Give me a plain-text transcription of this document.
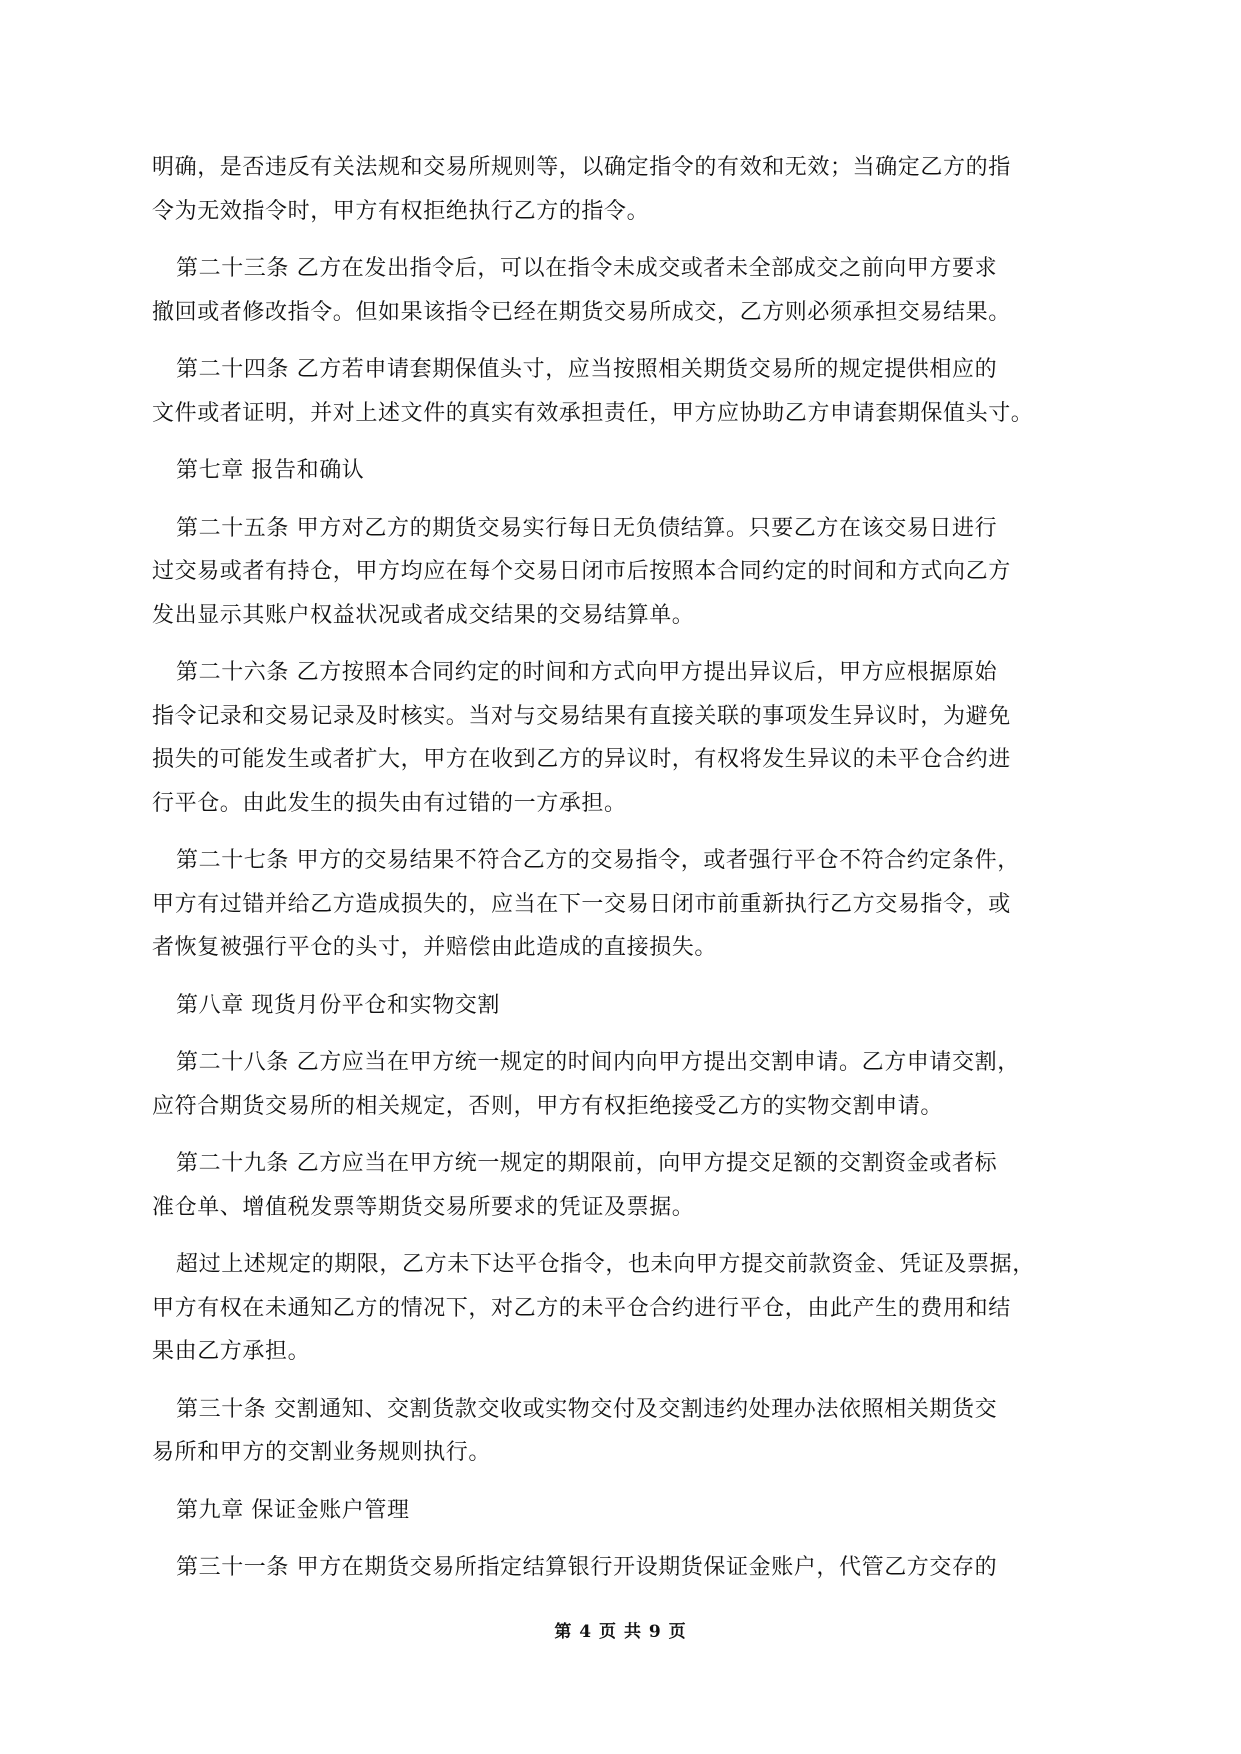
明确，是否违反有关法规和交易所规则等，以确定指令的有效和无效；当确定乙方的指
令为无效指令时，甲方有权拒绝执行乙方的指令。
第二十三条 乙方在发出指令后，可以在指令未成交或者未全部成交之前向甲方要求
撤回或者修改指令。但如果该指令已经在期货交易所成交，乙方则必须承担交易结果。
第二十四条 乙方若申请套期保值头寸，应当按照相关期货交易所的规定提供相应的
文件或者证明，并对上述文件的真实有效承担责任，甲方应协助乙方申请套期保值头寸。
第七章 报告和确认
第二十五条 甲方对乙方的期货交易实行每日无负债结算。只要乙方在该交易日进行
过交易或者有持仓，甲方均应在每个交易日闭市后按照本合同约定的时间和方式向乙方
发出显示其账户权益状况或者成交结果的交易结算单。
第二十六条 乙方按照本合同约定的时间和方式向甲方提出异议后，甲方应根据原始
指令记录和交易记录及时核实。当对与交易结果有直接关联的事项发生异议时，为避免
损失的可能发生或者扩大，甲方在收到乙方的异议时，有权将发生异议的未平仓合约进
行平仓。由此发生的损失由有过错的一方承担。
第二十七条 甲方的交易结果不符合乙方的交易指令，或者强行平仓不符合约定条件，
甲方有过错并给乙方造成损失的，应当在下一交易日闭市前重新执行乙方交易指令，或
者恢复被强行平仓的头寸，并赔偿由此造成的直接损失。
第八章 现货月份平仓和实物交割
第二十八条 乙方应当在甲方统一规定的时间内向甲方提出交割申请。乙方申请交割，
应符合期货交易所的相关规定，否则，甲方有权拒绝接受乙方的实物交割申请。
第二十九条 乙方应当在甲方统一规定的期限前，向甲方提交足额的交割资金或者标
准仓单、增值税发票等期货交易所要求的凭证及票据。
超过上述规定的期限，乙方未下达平仓指令，也未向甲方提交前款资金、凭证及票据，
甲方有权在未通知乙方的情况下，对乙方的未平仓合约进行平仓，由此产生的费用和结
果由乙方承担。
第三十条 交割通知、交割货款交收或实物交付及交割违约处理办法依照相关期货交
易所和甲方的交割业务规则执行。
第九章 保证金账户管理
第三十一条 甲方在期货交易所指定结算银行开设期货保证金账户，代管乙方交存的
第 4 页 共 9 页
